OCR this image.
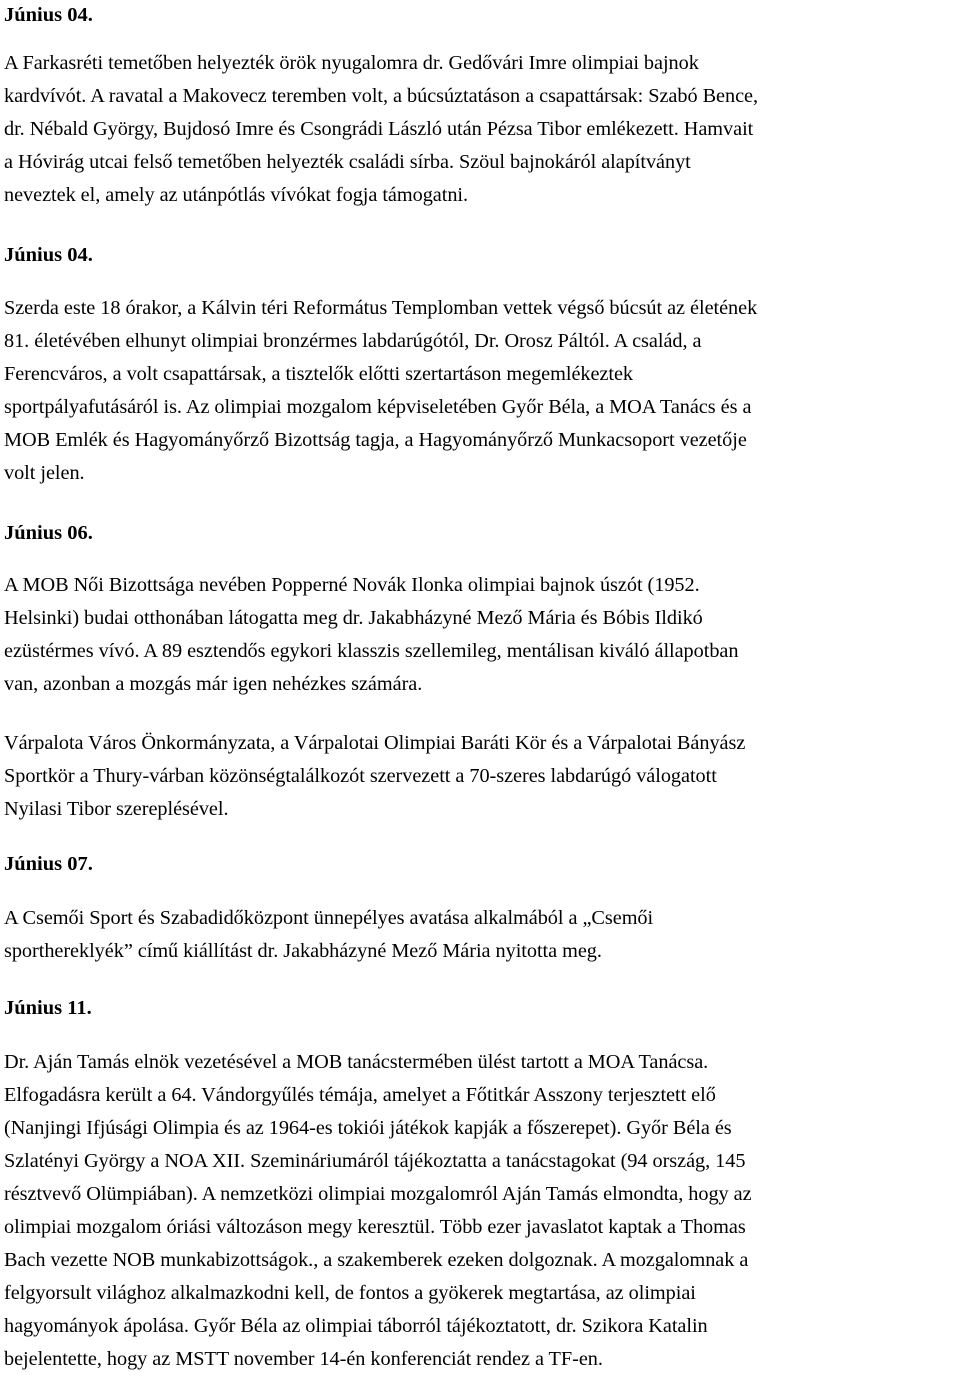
Június 04.
A Farkasréti temetőben helyezték örök nyugalomra dr. Gedővári Imre olimpiai bajnok
kardvívót. A ravatal a Makovecz teremben volt, a búcsúztatáson a csapattársak: Szabó Bence,
dr. Nébald György, Bujdosó Imre és Csongrádi László után Pézsa Tibor emlékezett. Hamvait
a Hóvirág utcai felső temetőben helyezték családi sírba. Szöul bajnokáról alapítványt
neveztek el, amely az utánpótlás vívókat fogja támogatni.
Június 04.
Szerda este 18 órakor, a Kálvin téri Református Templomban vettek végső búcsút az életének
81. életévében elhunyt olimpiai bronzérmes labdarúgótól, Dr. Orosz Páltól. A család, a
Ferencváros, a volt csapattársak, a tisztelők előtti szertartáson megemlékeztek
sportpályafutásáról is. Az olimpiai mozgalom képviseletében Győr Béla, a MOA Tanács és a
MOB Emlék és Hagyományőrző Bizottság tagja, a Hagyományőrző Munkacsoport vezetője
volt jelen.
Június 06.
A MOB Női Bizottsága nevében Popperné Novák Ilonka olimpiai bajnok úszót (1952.
Helsinki) budai otthonában látogatta meg dr. Jakabházyné Mező Mária és Bóbis Ildikó
ezüstérmes vívó. A 89 esztendős egykori klasszis szellemileg, mentálisan kiváló állapotban
van, azonban a mozgás már igen nehézkes számára.
Várpalota Város Önkormányzata, a Várpalotai Olimpiai Baráti Kör és a Várpalotai Bányász
Sportkör a Thury-várban közönségtalálkozót szervezett a 70-szeres labdarúgó válogatott
Nyilasi Tibor szereplésével.
Június 07.
A Csemői Sport és Szabadidőközpont ünnepélyes avatása alkalmából a „Csemői
sporthereklyék” című kiállítást dr. Jakabházyné Mező Mária nyitotta meg.
Június 11.
Dr. Aján Tamás elnök vezetésével a MOB tanácstermében ülést tartott a MOA Tanácsa.
Elfogadásra került a 64. Vándorgyűlés témája, amelyet a Főtitkár Asszony terjesztett elő
(Nanjingi Ifjúsági Olimpia és az 1964-es tokiói játékok kapják a főszerepet). Győr Béla és
Szlatényi György a NOA XII. Szemináriumáról tájékoztatta a tanácstagokat (94 ország, 145
résztvevő Olümpiában). A nemzetközi olimpiai mozgalomról Aján Tamás elmondta, hogy az
olimpiai mozgalom óriási változáson megy keresztül. Több ezer javaslatot kaptak a Thomas
Bach vezette NOB munkabizottságok., a szakemberek ezeken dolgoznak. A mozgalomnak a
felgyorsult világhoz alkalmazkodni kell, de fontos a gyökerek megtartása, az olimpiai
hagyományok ápolása. Győr Béla az olimpiai táborról tájékoztatott, dr. Szikora Katalin
bejelentette, hogy az MSTT november 14-én konferenciát rendez a TF-en.
